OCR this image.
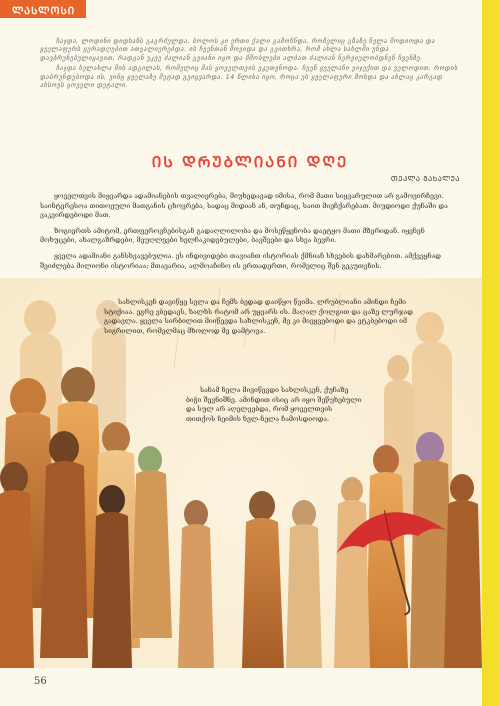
ᲚᲐᲡᲚᲝᲡᲘ

ჩაჯდა, ლოდინი დიდხანს გაგრძელდა, ბოლოს კი ერთი ქალი გამოჩნდა, რომელიც გზაზე ნელა მოდიოდა და ყველაფერს ყურადღებით ათვალიერებდა. ის ჩვენთან მოვიდა და გვითხრა, რომ ახლა სახლში უნდა დავბრუნებულიყავით, რადგან უკვე ძალიან გვიანი იყო და მშობლები ალბათ ძალიან ნერვიულობდნენ ჩვენზე.

ჩაჯდა ხელახლა მის ადგილას, რომელიც მას ყოველთვის ეკუთვნოდა. ჩვენ ყველანი ვიჯექით და ველოდით, როდის დაბრუნდებოდა ის, ვინც ყველაზე მეტად გვიყვარდა. 14 წლისა იყო, როცა ეს ყველაფერი მოხდა და ახლაც კარგად ახსოვს ყოველი დეტალი.

ᲘᲡ ᲓᲠᲣᲑᲚᲘᲐᲜᲘ ᲓᲦᲔ
ᲗᲔᲙᲚᲐ ᲒᲐᲮᲐᲚᲣᲐ

ყოველთვის მიყვარდა ადამიანების თვალიერება, მიუხედავად იმისა, რომ მათი სიყვარულით არ გამოვირჩევი. საინტერესოა თითოეული მათგანის ცხოვრება, სადაც მიდიან ან, თუნდაც, საით მიეჩქარებათ. მიუდიოდი ქუჩაში და ვაკვირდებოდი მათ.

ზოგიერთს ამიტომ, ერთფეროვნებისგან გადაღლილობა და მოსეწყენობა დაეტყო მათი მზერიდან. იყვნენ მოხუცები, ახალგაზრდები, მეუღლეები ხელჩაკიდებულები, ბავშვები და სხვა ბევრი.

ყველა ადამიანი განსხვავებულია. ეს ინდივიდები თავიანთ ისტორიას ქმნიან სხვების დახმარებით. ამქვეყნად შეიძლება მილიონი ისტორიაა; მთავარია, ალმოაჩინო ის ერთადერთი, რომელიც შენ გეკუთვნის.

სახლისკენ დავიწყე სვლა და ჩემს ბედად დაიწყო წვიმა. ლრუბლიანი ამინდი ჩემი სტიქიაა. ეგრე ვბედავს, ხალხს რატომ არ უყვარს ის. მაღალ ქოლგით და ცაზე ლურჯად გადავლა. ყველა სირბილით მიიწევდა სახლისკენ, მე კი მივყვებოდი და ვტკბებოდი იმ სიგრილით, რომელმაც მხოლოდ მე დამტოვა.

სანამ ნელა მივიწევდი სახლისკენ, ქუჩაზე ბიჭი შევნიშნე. ამინდით ისიც არ იყო შეწუხებული და სულ არ აღელვებდა, რომ ყოველთვის თითქოს ნეიმის ნელ-ნელა ჩამოსდიოდა.

56
